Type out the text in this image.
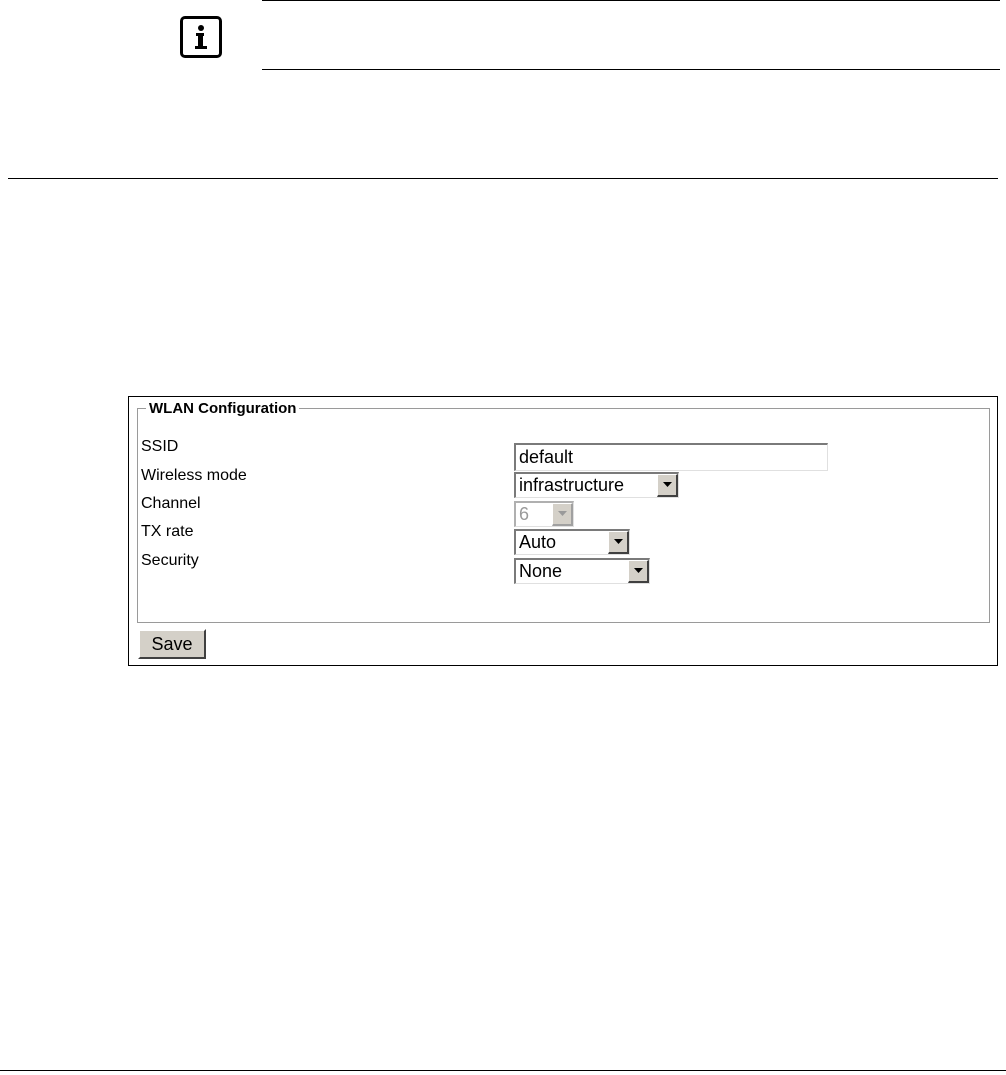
WLAN Configuration
SSID
default
Wireless mode	infrastructure
Channel
6
TX rate
Auto
Security
None
Save
